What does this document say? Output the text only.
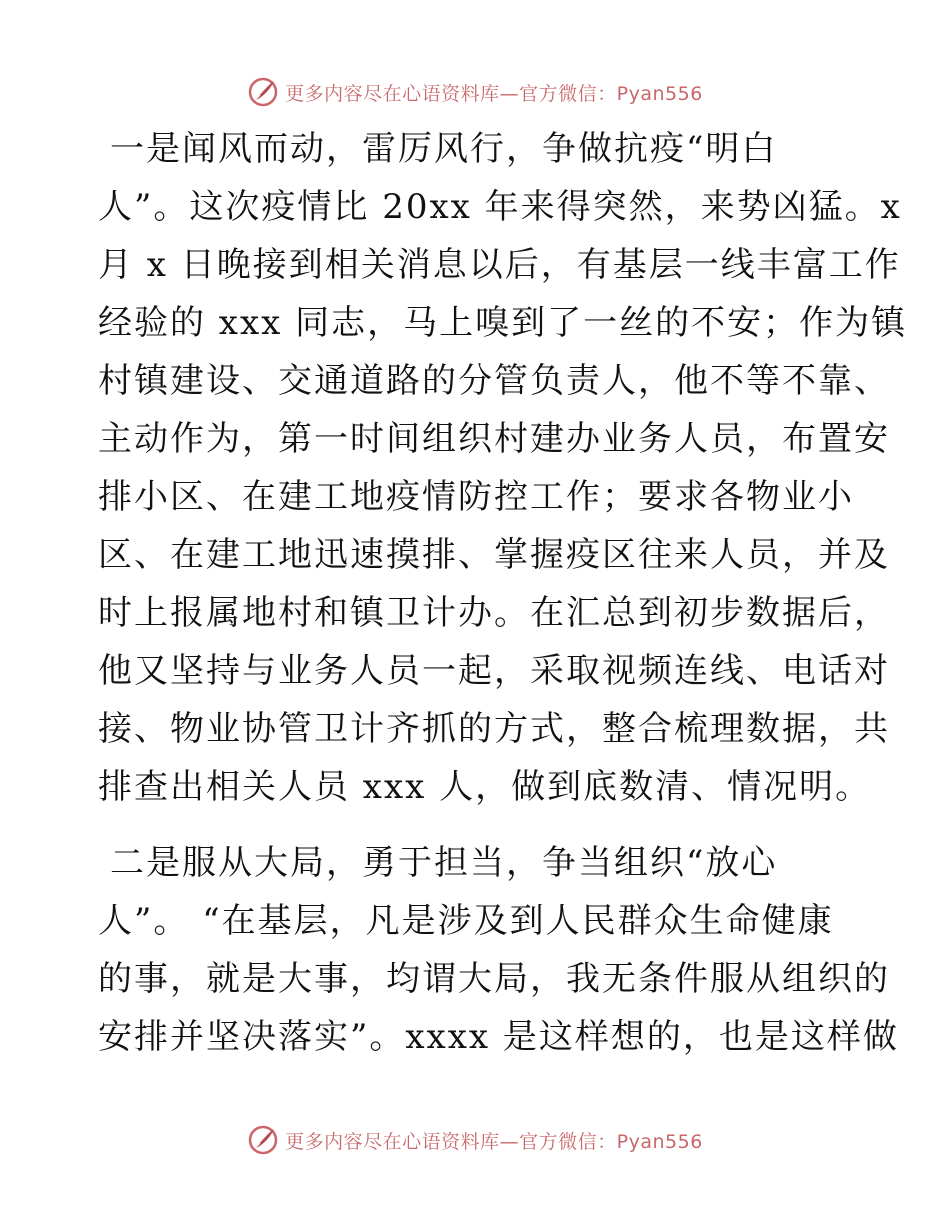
更多内容尽在心语资料库—官方微信：Pyan556
一是闻风而动，雷厉风行，争做抗疫“明白
人”。这次疫情比 20xx 年来得突然，来势凶猛。x
月 x 日晚接到相关消息以后，有基层一线丰富工作
经验的 xxx 同志，马上嗅到了一丝的不安；作为镇
村镇建设、交通道路的分管负责人，他不等不靠、
主动作为，第一时间组织村建办业务人员，布置安
排小区、在建工地疫情防控工作；要求各物业小
区、在建工地迅速摸排、掌握疫区往来人员，并及
时上报属地村和镇卫计办。在汇总到初步数据后，
他又坚持与业务人员一起，采取视频连线、电话对
接、物业协管卫计齐抓的方式，整合梳理数据，共
排查出相关人员 xxx 人，做到底数清、情况明。
二是服从大局，勇于担当，争当组织“放心
人”。 “在基层，凡是涉及到人民群众生命健康
的事，就是大事，均谓大局，我无条件服从组织的
安排并坚决落实”。xxxx 是这样想的，也是这样做
更多内容尽在心语资料库—官方微信：Pyan556
